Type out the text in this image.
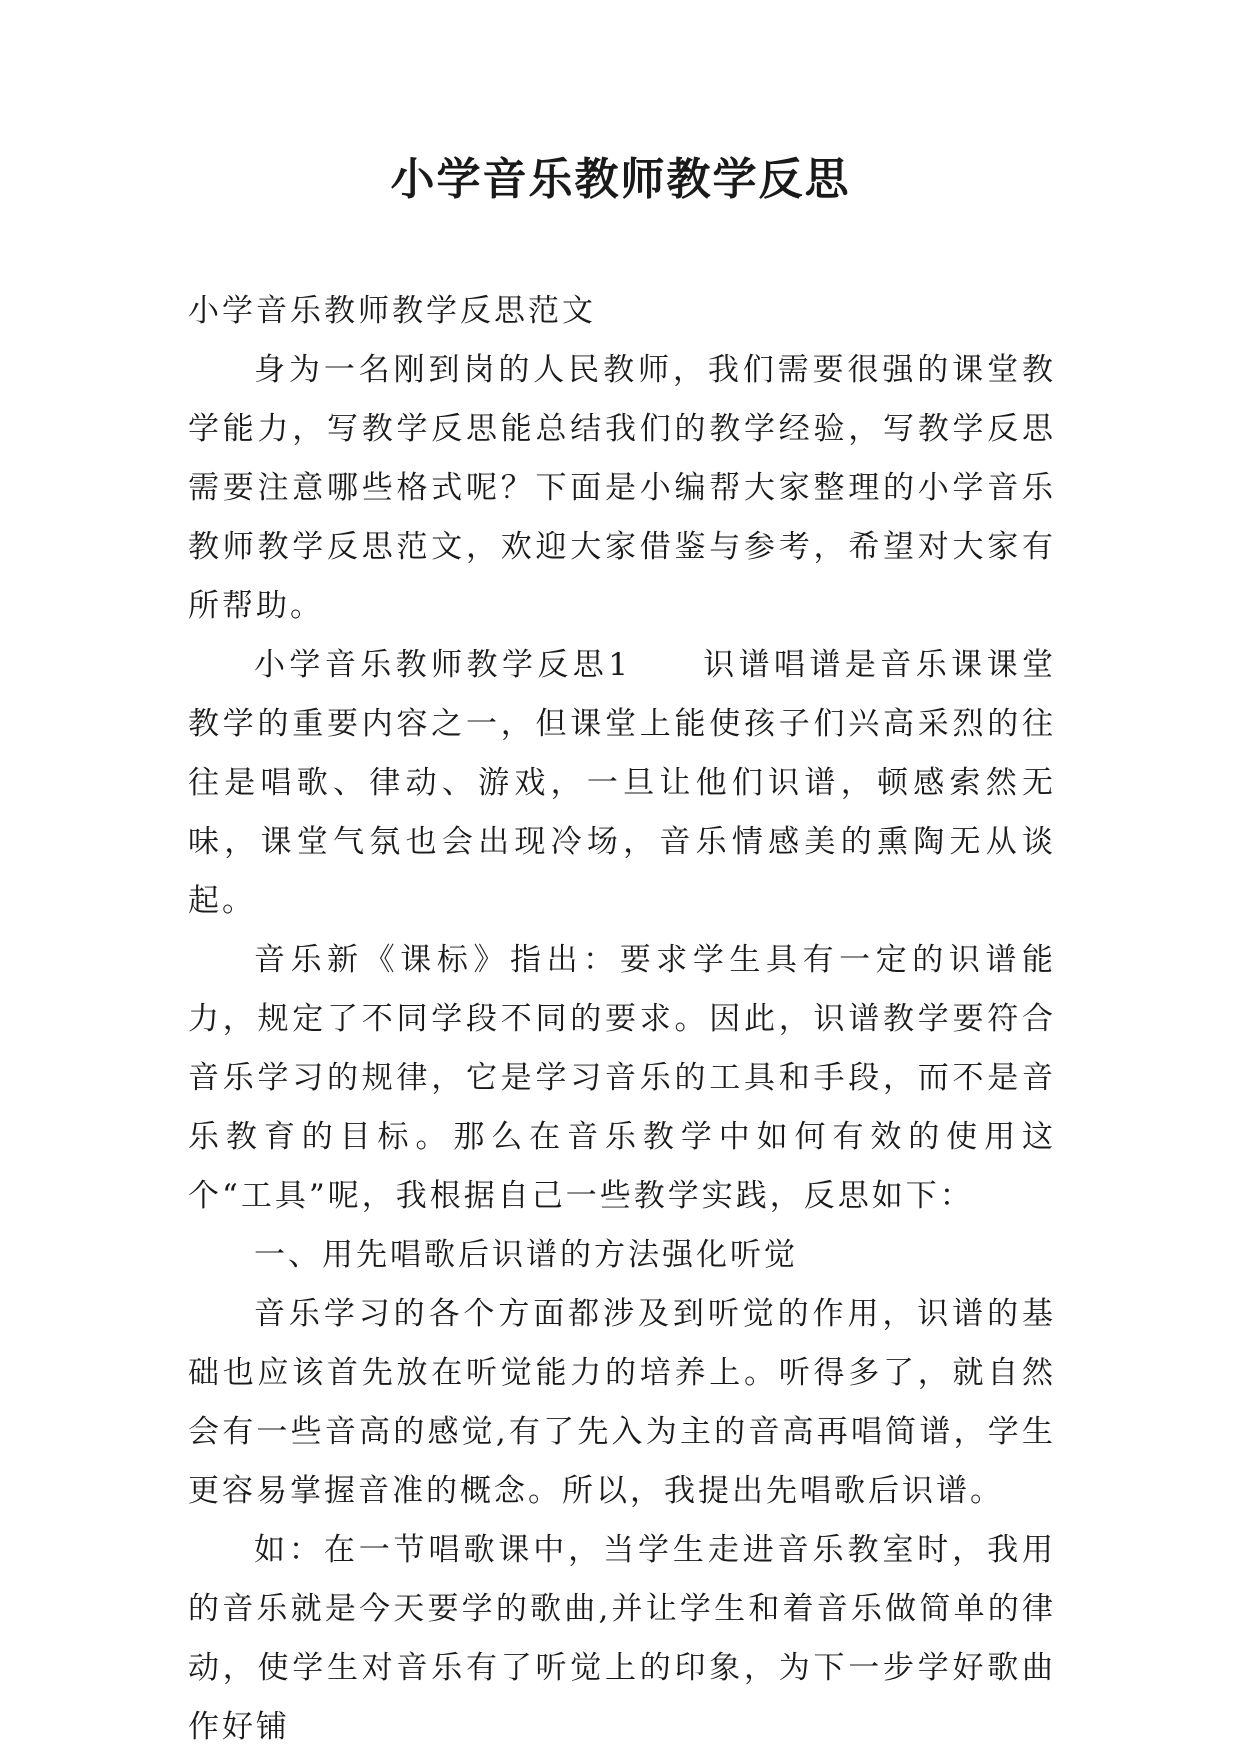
小学音乐教师教学反思

小学音乐教师教学反思范文

身为一名刚到岗的人民教师，我们需要很强的课堂教学能力，写教学反思能总结我们的教学经验，写教学反思需要注意哪些格式呢？下面是小编帮大家整理的小学音乐教师教学反思范文，欢迎大家借鉴与参考，希望对大家有所帮助。

小学音乐教师教学反思1　　识谱唱谱是音乐课课堂教学的重要内容之一，但课堂上能使孩子们兴高采烈的往往是唱歌、律动、游戏，一旦让他们识谱，顿感索然无味，课堂气氛也会出现冷场，音乐情感美的熏陶无从谈起。

音乐新《课标》指出：要求学生具有一定的识谱能力，规定了不同学段不同的要求。因此，识谱教学要符合音乐学习的规律，它是学习音乐的工具和手段，而不是音乐教育的目标。那么在音乐教学中如何有效的使用这个“工具”呢，我根据自己一些教学实践，反思如下：

一、用先唱歌后识谱的方法强化听觉

音乐学习的各个方面都涉及到听觉的作用，识谱的基础也应该首先放在听觉能力的培养上。听得多了，就自然会有一些音高的感觉,有了先入为主的音高再唱简谱，学生更容易掌握音准的概念。所以，我提出先唱歌后识谱。

如：在一节唱歌课中，当学生走进音乐教室时，我用的音乐就是今天要学的歌曲,并让学生和着音乐做简单的律动，使学生对音乐有了听觉上的印象，为下一步学好歌曲作好铺
